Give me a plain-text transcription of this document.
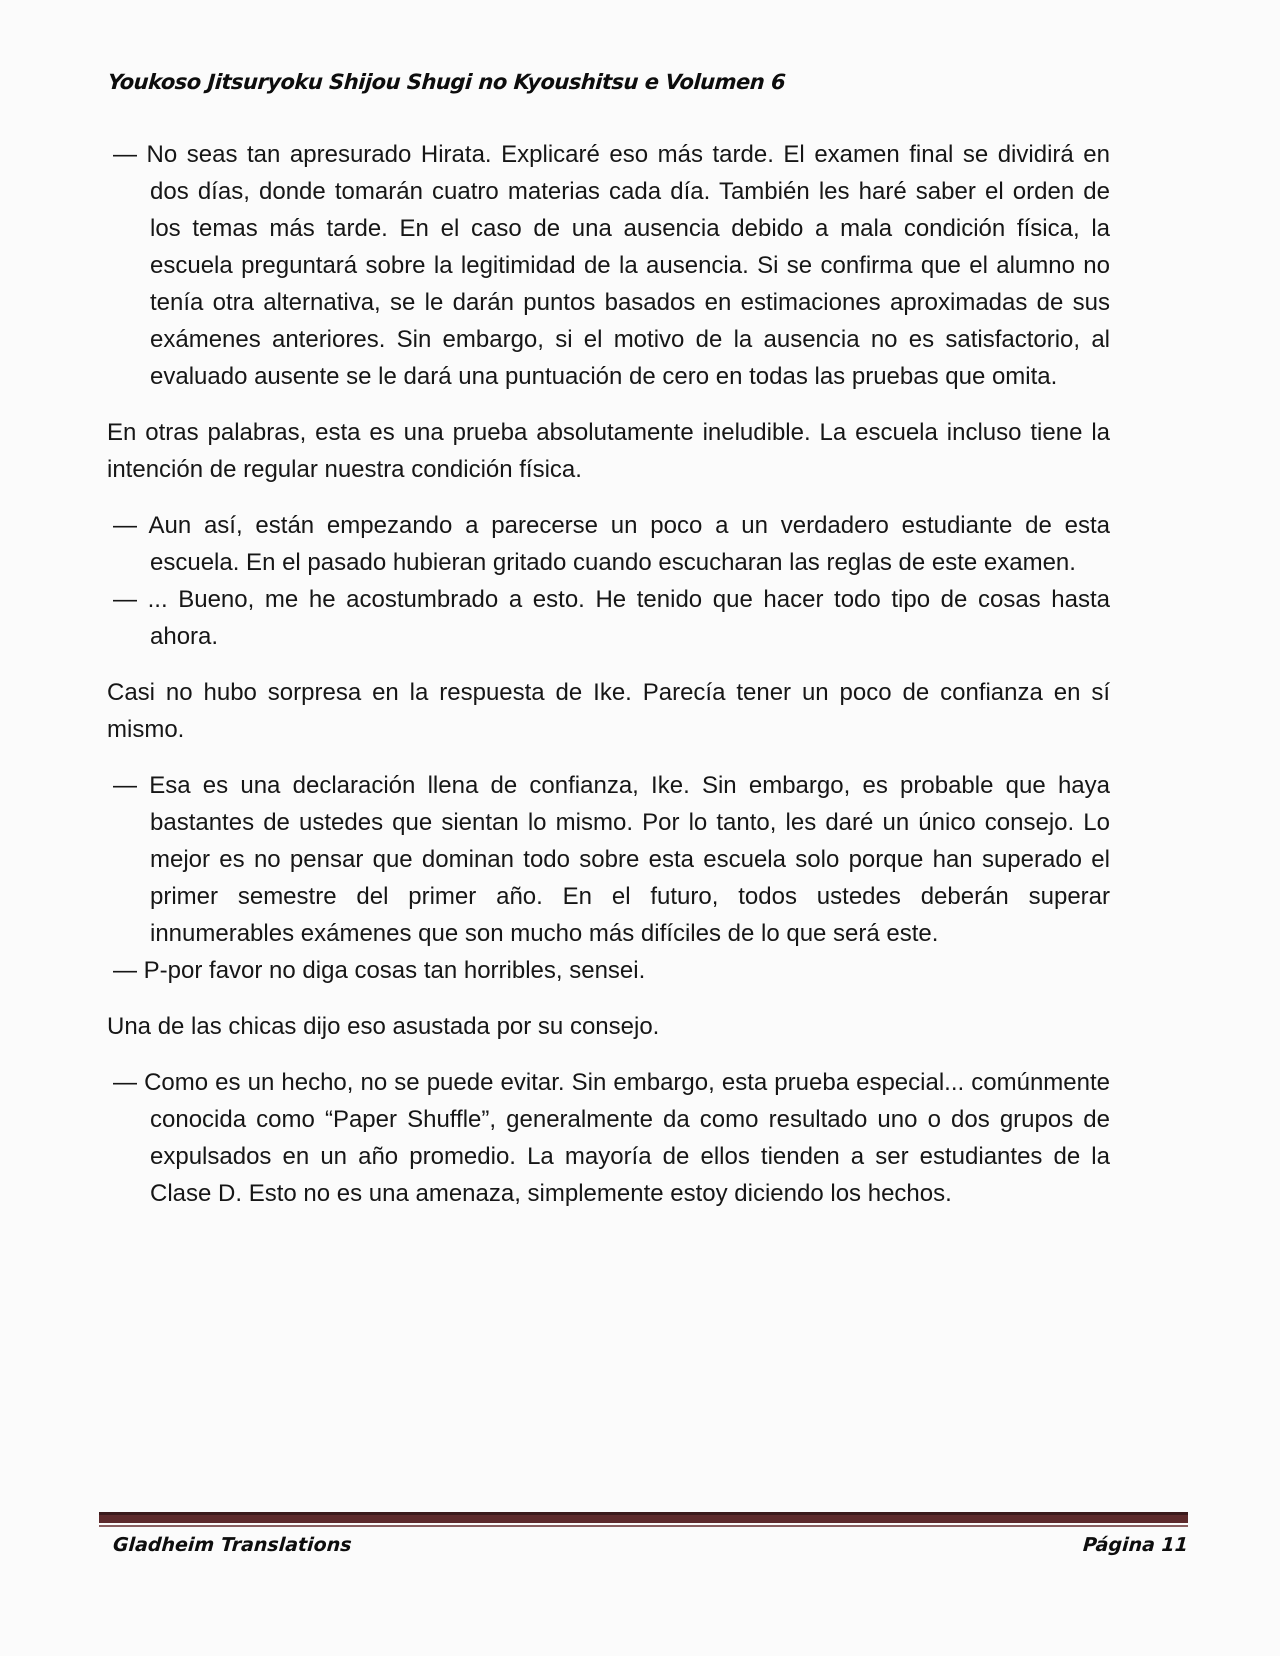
Youkoso Jitsuryoku Shijou Shugi no Kyoushitsu e Volumen 6
— No seas tan apresurado Hirata. Explicaré eso más tarde. El examen final se dividirá en dos días, donde tomarán cuatro materias cada día. También les haré saber el orden de los temas más tarde. En el caso de una ausencia debido a mala condición física, la escuela preguntará sobre la legitimidad de la ausencia. Si se confirma que el alumno no tenía otra alternativa, se le darán puntos basados en estimaciones aproximadas de sus exámenes anteriores. Sin embargo, si el motivo de la ausencia no es satisfactorio, al evaluado ausente se le dará una puntuación de cero en todas las pruebas que omita.
En otras palabras, esta es una prueba absolutamente ineludible. La escuela incluso tiene la intención de regular nuestra condición física.
— Aun así, están empezando a parecerse un poco a un verdadero estudiante de esta escuela. En el pasado hubieran gritado cuando escucharan las reglas de este examen.
— ... Bueno, me he acostumbrado a esto. He tenido que hacer todo tipo de cosas hasta ahora.
Casi no hubo sorpresa en la respuesta de Ike. Parecía tener un poco de confianza en sí mismo.
— Esa es una declaración llena de confianza, Ike. Sin embargo, es probable que haya bastantes de ustedes que sientan lo mismo. Por lo tanto, les daré un único consejo. Lo mejor es no pensar que dominan todo sobre esta escuela solo porque han superado el primer semestre del primer año. En el futuro, todos ustedes deberán superar innumerables exámenes que son mucho más difíciles de lo que será este.
— P-por favor no diga cosas tan horribles, sensei.
Una de las chicas dijo eso asustada por su consejo.
— Como es un hecho, no se puede evitar. Sin embargo, esta prueba especial... comúnmente conocida como “Paper Shuffle”, generalmente da como resultado uno o dos grupos de expulsados en un año promedio. La mayoría de ellos tienden a ser estudiantes de la Clase D. Esto no es una amenaza, simplemente estoy diciendo los hechos.
Gladheim Translations	Página 11
